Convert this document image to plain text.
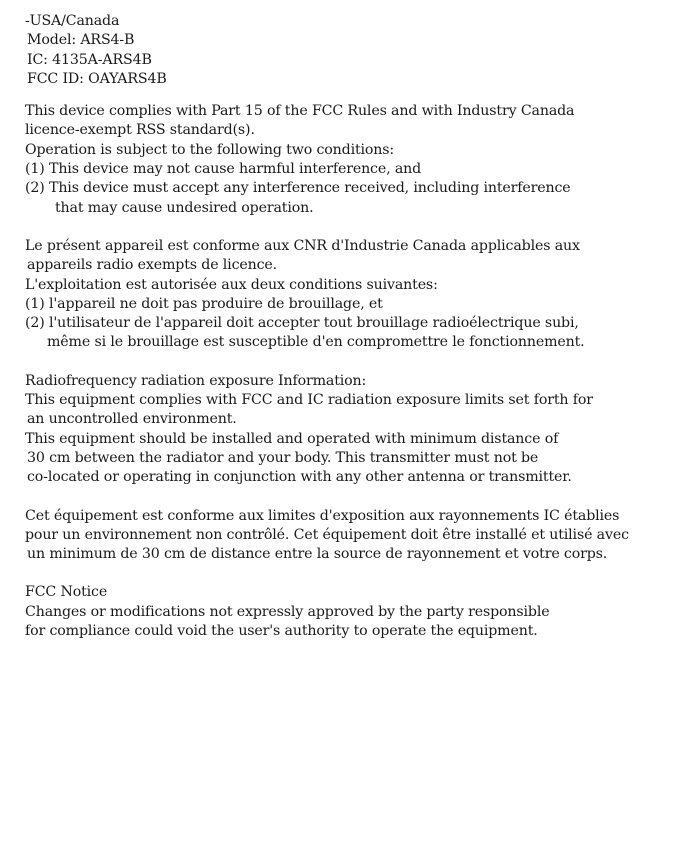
-USA/Canada
Model: ARS4-B
IC: 4135A-ARS4B
FCC ID: OAYARS4B
This device complies with Part 15 of the FCC Rules and with Industry Canada
licence-exempt RSS standard(s).
Operation is subject to the following two conditions:
(1) This device may not cause harmful interference, and
(2) This device must accept any interference received, including interference
that may cause undesired operation.
Le présent appareil est conforme aux CNR d'Industrie Canada applicables aux
appareils radio exempts de licence.
L'exploitation est autorisée aux deux conditions suivantes:
(1) l'appareil ne doit pas produire de brouillage, et
(2) l'utilisateur de l'appareil doit accepter tout brouillage radioélectrique subi,
même si le brouillage est susceptible d'en compromettre le fonctionnement.
Radiofrequency radiation exposure Information:
This equipment complies with FCC and IC radiation exposure limits set forth for
an uncontrolled environment.
This equipment should be installed and operated with minimum distance of
30 cm between the radiator and your body. This transmitter must not be
co-located or operating in conjunction with any other antenna or transmitter.
Cet équipement est conforme aux limites d'exposition aux rayonnements IC établies
pour un environnement non contrôlé. Cet équipement doit être installé et utilisé avec
un minimum de 30 cm de distance entre la source de rayonnement et votre corps.
FCC Notice
Changes or modifications not expressly approved by the party responsible
for compliance could void the user's authority to operate the equipment.
